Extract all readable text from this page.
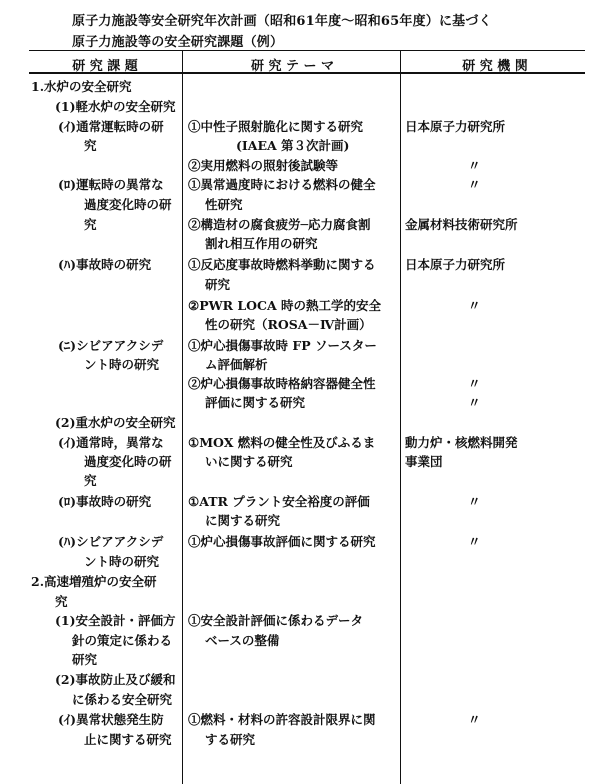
原子力施設等安全研究年次計画（昭和61年度～昭和65年度）に基づく
原子力施設等の安全研究課題（例）
研 究 課 題	研 究 テ ー マ	研 究 機 関
1.水炉の安全研究
(1)軽水炉の安全研究
(ｲ)通常運転時の研
究
(ﾛ)運転時の異常な
過度変化時の研
究
(ﾊ)事故時の研究
(ﾆ)シビアアクシデ
ント時の研究
(2)重水炉の安全研究
(ｲ)通常時，異常な
過度変化時の研
究
(ﾛ)事故時の研究
(ﾊ)シビアアクシデ
ント時の研究
2.高速増殖炉の安全研
究
(1)安全設計・評価方
針の策定に係わる
研究
(2)事故防止及び緩和
に係わる安全研究
(ｲ)異常状態発生防
止に関する研究
①中性子照射脆化に関する研究
(IAEA 第３次計画)
②実用燃料の照射後試験等
①異常過度時における燃料の健全
性研究
②構造材の腐食疲労─応力腐食割
割れ相互作用の研究
①反応度事故時燃料挙動に関する
研究
②PWR LOCA 時の熱工学的安全
性の研究（ROSA－Ⅳ計画）
①炉心損傷事故時 FP ソースター
ム評価解析
②炉心損傷事故時格納容器健全性
評価に関する研究
①MOX 燃料の健全性及びふるま
いに関する研究
①ATR プラント安全裕度の評価
に関する研究
①炉心損傷事故評価に関する研究
①安全設計評価に係わるデータ
ベースの整備
①燃料・材料の許容設計限界に関
する研究
日本原子力研究所
〃
〃
金属材料技術研究所
日本原子力研究所
〃
〃
〃
動力炉・核燃料開発
事業団
〃
〃
〃
